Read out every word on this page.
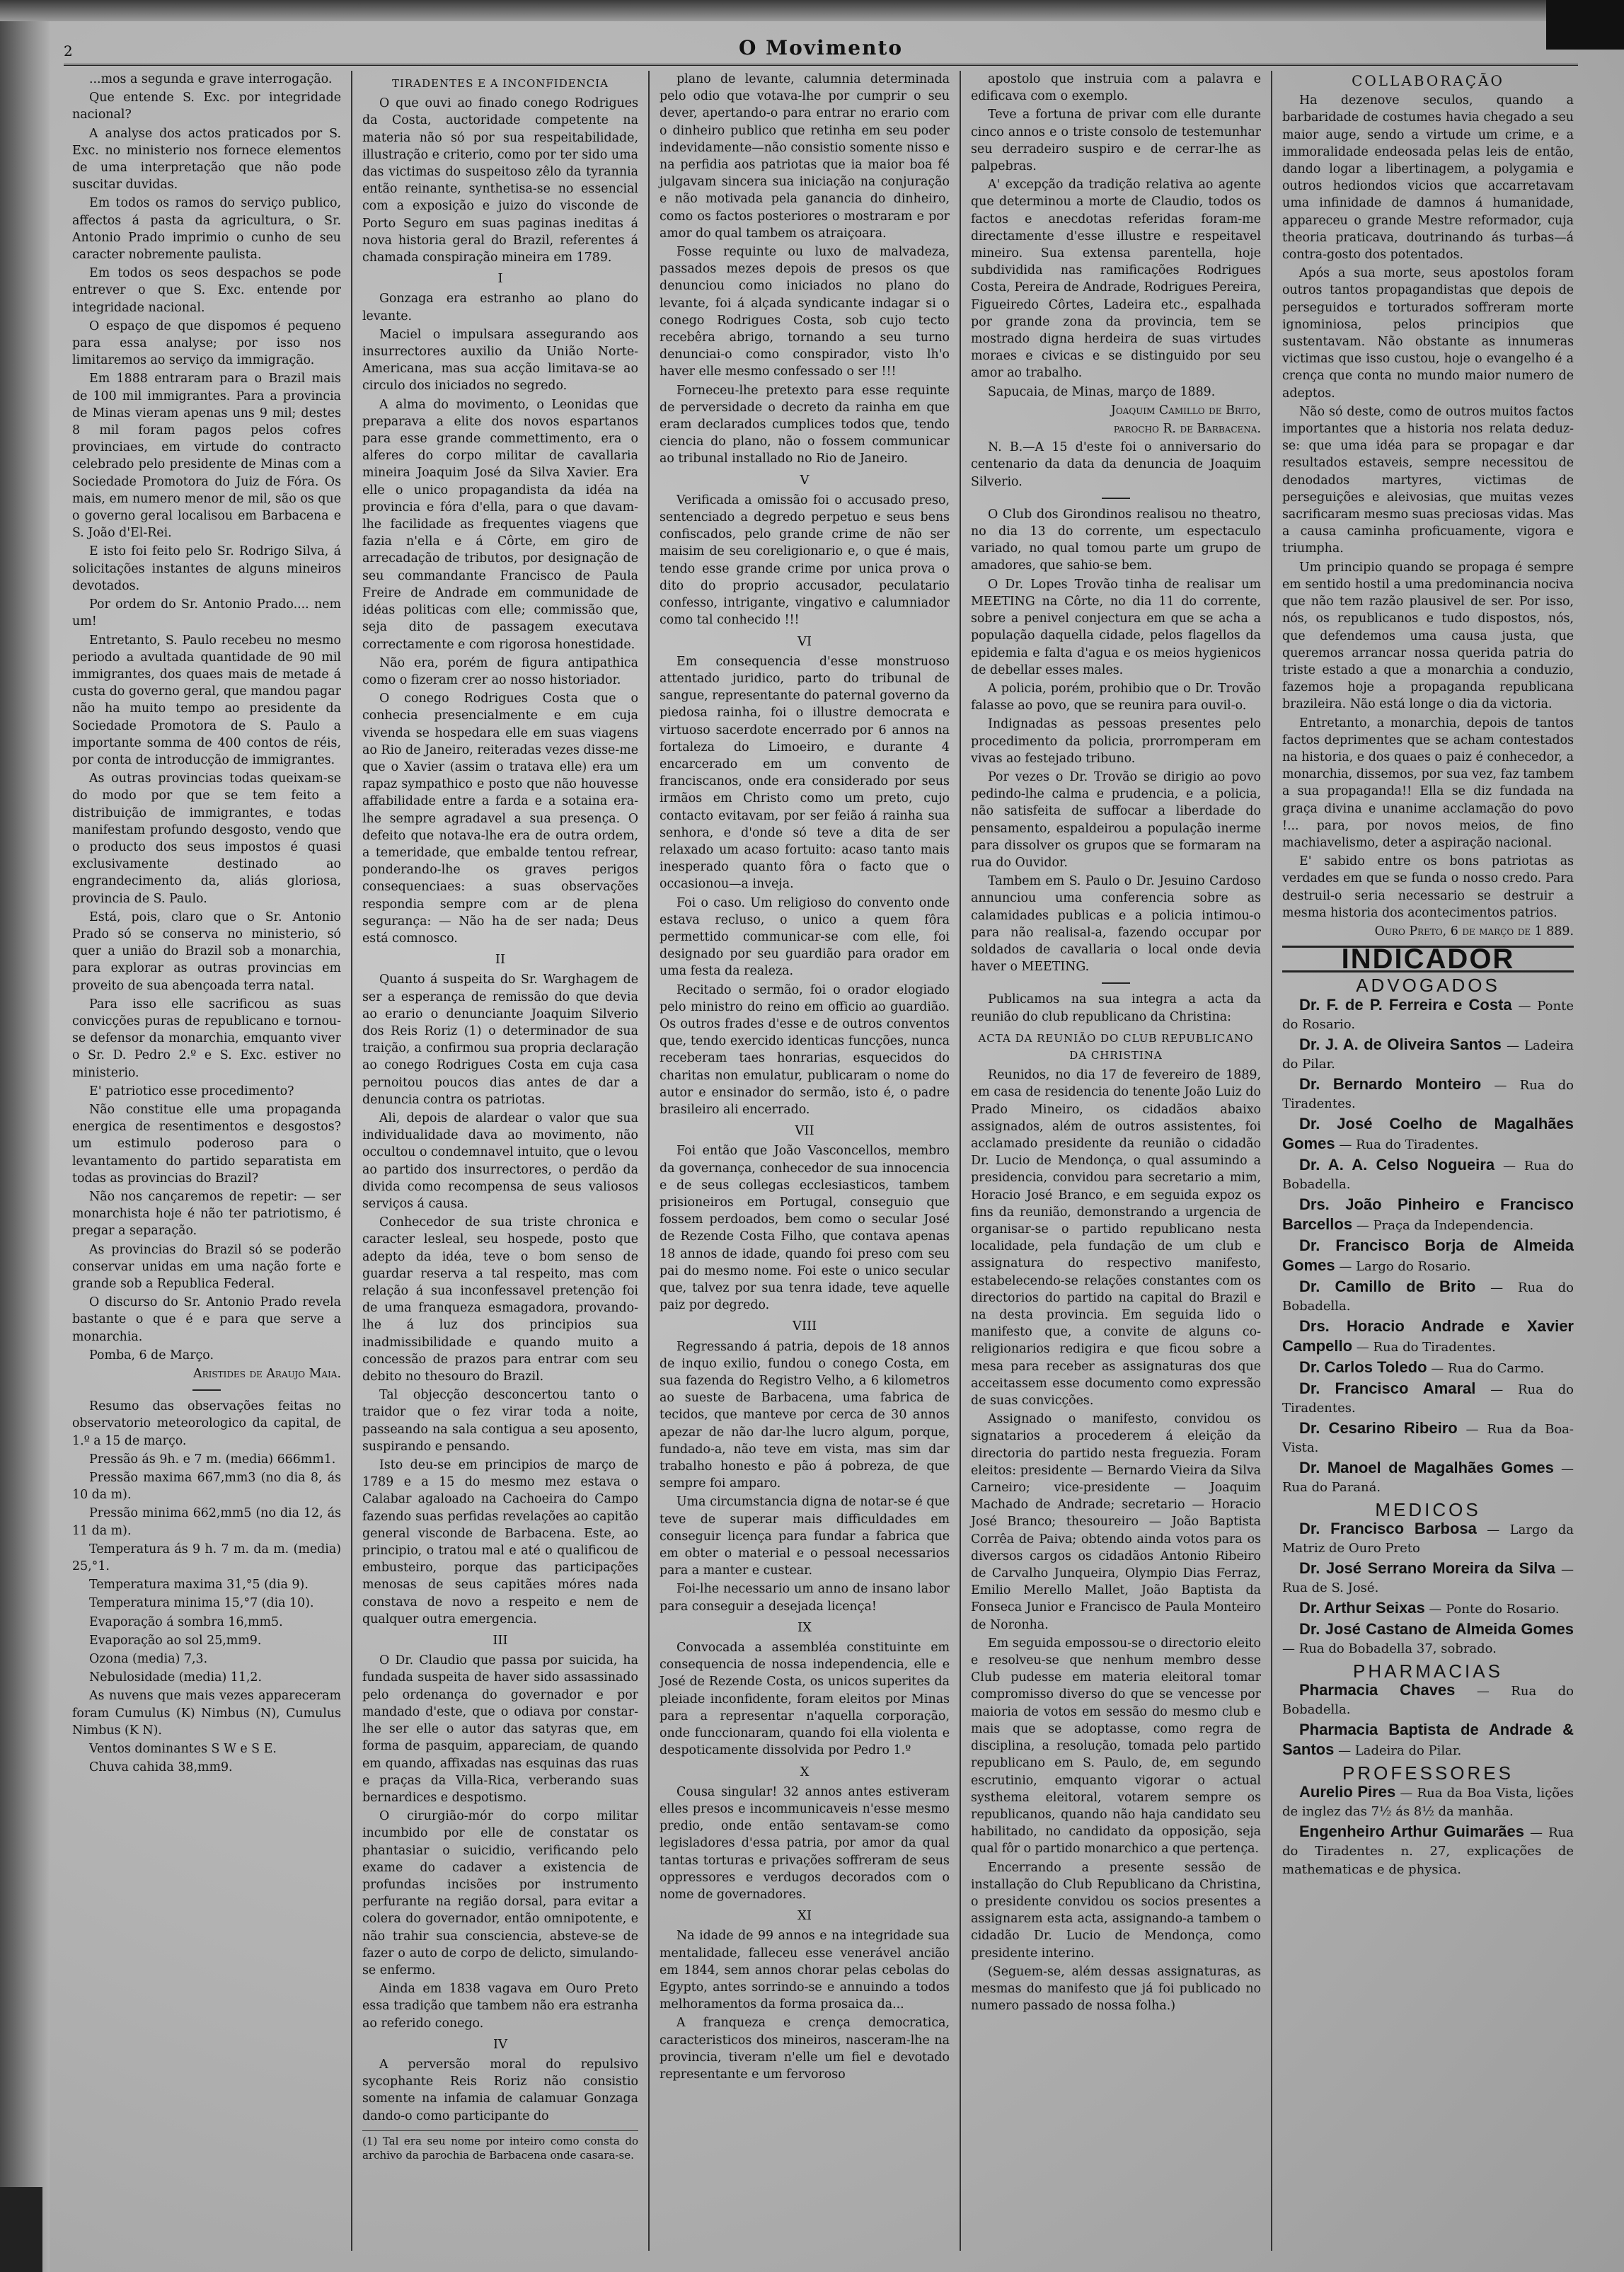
2	O Movimento

...mos a segunda e grave interrogação.

Que entende S. Exc. por integridade nacional?

A analyse dos actos praticados por S. Exc. no ministerio nos fornece elementos de uma interpretação que não pode suscitar duvidas.

Em todos os ramos do serviço publico, affectos á pasta da agricultura, o Sr. Antonio Prado imprimio o cunho de seu caracter nobremente paulista.

Em todos os seos despachos se pode entrever o que S. Exc. entende por integridade nacional.

O espaço de que dispomos é pequeno para essa analyse; por isso nos limitaremos ao serviço da immigração.

Em 1888 entraram para o Brazil mais de 100 mil immigrantes. Para a provincia de Minas vieram apenas uns 9 mil; destes 8 mil foram pagos pelos cofres provinciaes, em virtude do contracto celebrado pelo presidente de Minas com a Sociedade Promotora do Juiz de Fóra. Os mais, em numero menor de mil, são os que o governo geral localisou em Barbacena e S. João d'El-Rei.

E isto foi feito pelo Sr. Rodrigo Silva, á solicitações instantes de alguns mineiros devotados.

Por ordem do Sr. Antonio Prado.... nem um!

Entretanto, S. Paulo recebeu no mesmo periodo a avultada quantidade de 90 mil immigrantes, dos quaes mais de metade á custa do governo geral, que mandou pagar não ha muito tempo ao presidente da Sociedade Promotora de S. Paulo a importante somma de 400 contos de réis, por conta de introducção de immigrantes.

As outras provincias todas queixam-se do modo por que se tem feito a distribuição de immigrantes, e todas manifestam profundo desgosto, vendo que o producto dos seus impostos é quasi exclusivamente destinado ao engrandecimento da, aliás gloriosa, provincia de S. Paulo.

Está, pois, claro que o Sr. Antonio Prado só se conserva no ministerio, só quer a união do Brazil sob a monarchia, para explorar as outras provincias em proveito de sua abençoada terra natal.

Para isso elle sacrificou as suas convicções puras de republicano e tornou-se defensor da monarchia, emquanto viver o Sr. D. Pedro 2.º e S. Exc. estiver no ministerio.

E' patriotico esse procedimento?

Não constitue elle uma propaganda energica de resentimentos e desgostos? um estimulo poderoso para o levantamento do partido separatista em todas as provincias do Brazil?

Não nos cançaremos de repetir: — ser monarchista hoje é não ter patriotismo, é pregar a separação.

As provincias do Brazil só se poderão conservar unidas em uma nação forte e grande sob a Republica Federal.

O discurso do Sr. Antonio Prado revela bastante o que é e para que serve a monarchia.

Pomba, 6 de Março.

Aristides de Araujo Maia.

Resumo das observações feitas no observatorio meteorologico da capital, de 1.º a 15 de março.

Pressão ás 9h. e 7 m. (media) 666mm1.

Pressão maxima 667,mm3 (no dia 8, ás 10 da m).

Pressão minima 662,mm5 (no dia 12, ás 11 da m).

Temperatura ás 9 h. 7 m. da m. (media) 25,°1.

Temperatura maxima 31,°5 (dia 9).

Temperatura minima 15,°7 (dia 10).

Evaporação á sombra 16,mm5.

Evaporação ao sol 25,mm9.

Ozona (media) 7,3.

Nebulosidade (media) 11,2.

As nuvens que mais vezes appareceram foram Cumulus (K) Nimbus (N), Cumulus Nimbus (K N).

Ventos dominantes S W e S E.

Chuva cahida 38,mm9.

TIRADENTES E A INCONFIDENCIA

O que ouvi ao finado conego Rodrigues da Costa, auctoridade competente na materia não só por sua respeitabilidade, illustração e criterio, como por ter sido uma das victimas do suspeitoso zêlo da tyrannia então reinante, synthetisa-se no essencial com a exposição e juizo do visconde de Porto Seguro em suas paginas ineditas á nova historia geral do Brazil, referentes á chamada conspiração mineira em 1789.

I

Gonzaga era estranho ao plano do levante.

Maciel o impulsara assegurando aos insurrectores auxilio da União Norte-Americana, mas sua acção limitava-se ao circulo dos iniciados no segredo.

A alma do movimento, o Leonidas que preparava a elite dos novos espartanos para esse grande commettimento, era o alferes do corpo militar de cavallaria mineira Joaquim José da Silva Xavier. Era elle o unico propagandista da idéa na provincia e fóra d'ella, para o que davam-lhe facilidade as frequentes viagens que fazia n'ella e á Côrte, em giro de arrecadação de tributos, por designação de seu commandante Francisco de Paula Freire de Andrade em communidade de idéas politicas com elle; commissão que, seja dito de passagem executava correctamente e com rigorosa honestidade.

Não era, porém de figura antipathica como o fizeram crer ao nosso historiador.

O conego Rodrigues Costa que o conhecia presencialmente e em cuja vivenda se hospedara elle em suas viagens ao Rio de Janeiro, reiteradas vezes disse-me que o Xavier (assim o tratava elle) era um rapaz sympathico e posto que não houvesse affabilidade entre a farda e a sotaina era-lhe sempre agradavel a sua presença. O defeito que notava-lhe era de outra ordem, a temeridade, que embalde tentou refrear, ponderando-lhe os graves perigos consequenciaes: a suas observações respondia sempre com ar de plena segurança: — Não ha de ser nada; Deus está comnosco.

II

Quanto á suspeita do Sr. Warghagem de ser a esperança de remissão do que devia ao erario o denunciante Joaquim Silverio dos Reis Roriz (1) o determinador de sua traição, a confirmou sua propria declaração ao conego Rodrigues Costa em cuja casa pernoitou poucos dias antes de dar a denuncia contra os patriotas.

Ali, depois de alardear o valor que sua individualidade dava ao movimento, não occultou o condemnavel intuito, que o levou ao partido dos insurrectores, o perdão da divida como recompensa de seus valiosos serviços á causa.

Conhecedor de sua triste chronica e caracter lesleal, seu hospede, posto que adepto da idéa, teve o bom senso de guardar reserva a tal respeito, mas com relação á sua inconfessavel pretenção foi de uma franqueza esmagadora, provando-lhe á luz dos principios sua inadmissibilidade e quando muito a concessão de prazos para entrar com seu debito no thesouro do Brazil.

Tal objecção desconcertou tanto o traidor que o fez virar toda a noite, passeando na sala contigua a seu aposento, suspirando e pensando.

Isto deu-se em principios de março de 1789 e a 15 do mesmo mez estava o Calabar agaloado na Cachoeira do Campo fazendo suas perfidas revelações ao capitão general visconde de Barbacena. Este, ao principio, o tratou mal e até o qualificou de embusteiro, porque das participações menosas de seus capitães móres nada constava de novo a respeito e nem de qualquer outra emergencia.

III

O Dr. Claudio que passa por suicida, ha fundada suspeita de haver sido assassinado pelo ordenança do governador e por mandado d'este, que o odiava por constar-lhe ser elle o autor das satyras que, em forma de pasquim, appareciam, de quando em quando, affixadas nas esquinas das ruas e praças da Villa-Rica, verberando suas bernardices e despotismo.

O cirurgião-mór do corpo militar incumbido por elle de constatar os phantasiar o suicidio, verificando pelo exame do cadaver a existencia de profundas incisões por instrumento perfurante na região dorsal, para evitar a colera do governador, então omnipotente, e não trahir sua consciencia, absteve-se de fazer o auto de corpo de delicto, simulando-se enfermo.

Ainda em 1838 vagava em Ouro Preto essa tradição que tambem não era estranha ao referido conego.

IV

A perversão moral do repulsivo sycophante Reis Roriz não consistio somente na infamia de calamuar Gonzaga dando-o como participante do

(1) Tal era seu nome por inteiro como consta do archivo da parochia de Barbacena onde casara-se.

plano de levante, calumnia determinada pelo odio que votava-lhe por cumprir o seu dever, apertando-o para entrar no erario com o dinheiro publico que retinha em seu poder indevidamente—não consistio somente nisso e na perfidia aos patriotas que ia maior boa fé julgavam sincera sua iniciação na conjuração e não motivada pela ganancia do dinheiro, como os factos posteriores o mostraram e por amor do qual tambem os atraiçoara.

Fosse requinte ou luxo de malvadeza, passados mezes depois de presos os que denunciou como iniciados no plano do levante, foi á alçada syndicante indagar si o conego Rodrigues Costa, sob cujo tecto recebêra abrigo, tornando a seu turno denunciai-o como conspirador, visto lh'o haver elle mesmo confessado o ser !!!

Forneceu-lhe pretexto para esse requinte de perversidade o decreto da rainha em que eram declarados cumplices todos que, tendo ciencia do plano, não o fossem communicar ao tribunal installado no Rio de Janeiro.

V

Verificada a omissão foi o accusado preso, sentenciado a degredo perpetuo e seus bens confiscados, pelo grande crime de não ser maisim de seu coreligionario e, o que é mais, tendo esse grande crime por unica prova o dito do proprio accusador, peculatario confesso, intrigante, vingativo e calumniador como tal conhecido !!!

VI

Em consequencia d'esse monstruoso attentado juridico, parto do tribunal de sangue, representante do paternal governo da piedosa rainha, foi o illustre democrata e virtuoso sacerdote encerrado por 6 annos na fortaleza do Limoeiro, e durante 4 encarcerado em um convento de franciscanos, onde era considerado por seus irmãos em Christo como um preto, cujo contacto evitavam, por ser feião á rainha sua senhora, e d'onde só teve a dita de ser relaxado um acaso fortuito: acaso tanto mais inesperado quanto fôra o facto que o occasionou—a inveja.

Foi o caso. Um religioso do convento onde estava recluso, o unico a quem fôra permettido communicar-se com elle, foi designado por seu guardião para orador em uma festa da realeza.

Recitado o sermão, foi o orador elogiado pelo ministro do reino em officio ao guardião. Os outros frades d'esse e de outros conventos que, tendo exercido identicas funcções, nunca receberam taes honrarias, esquecidos do charitas non emulatur, publicaram o nome do autor e ensinador do sermão, isto é, o padre brasileiro ali encerrado.

VII

Foi então que João Vasconcellos, membro da governança, conhecedor de sua innocencia e de seus collegas ecclesiasticos, tambem prisioneiros em Portugal, conseguio que fossem perdoados, bem como o secular José de Rezende Costa Filho, que contava apenas 18 annos de idade, quando foi preso com seu pai do mesmo nome. Foi este o unico secular que, talvez por sua tenra idade, teve aquelle paiz por degredo.

VIII

Regressando á patria, depois de 18 annos de inquo exilio, fundou o conego Costa, em sua fazenda do Registro Velho, a 6 kilometros ao sueste de Barbacena, uma fabrica de tecidos, que manteve por cerca de 30 annos apezar de não dar-lhe lucro algum, porque, fundado-a, não teve em vista, mas sim dar trabalho honesto e pão á pobreza, de que sempre foi amparo.

Uma circumstancia digna de notar-se é que teve de superar mais difficuldades em conseguir licença para fundar a fabrica que em obter o material e o pessoal necessarios para a manter e custear.

Foi-lhe necessario um anno de insano labor para conseguir a desejada licença!

IX

Convocada a assembléa constituinte em consequencia de nossa independencia, elle e José de Rezende Costa, os unicos superites da pleiade inconfidente, foram eleitos por Minas para a representar n'aquella corporação, onde funccionaram, quando foi ella violenta e despoticamente dissolvida por Pedro 1.º

X

Cousa singular! 32 annos antes estiveram elles presos e incommunicaveis n'esse mesmo predio, onde então sentavam-se como legisladores d'essa patria, por amor da qual tantas torturas e privações soffreram de seus oppressores e verdugos decorados com o nome de governadores.

XI

Na idade de 99 annos e na integridade sua mentalidade, falleceu esse venerável ancião em 1844, sem annos chorar pelas cebolas do Egypto, antes sorrindo-se e annuindo a todos melhoramentos da forma prosaica da...

A franqueza e crença democratica, caracteristicos dos mineiros, nasceram-lhe na provincia, tiveram n'elle um fiel e devotado representante e um fervoroso

apostolo que instruia com a palavra e edificava com o exemplo.

Teve a fortuna de privar com elle durante cinco annos e o triste consolo de testemunhar seu derradeiro suspiro e de cerrar-lhe as palpebras.

A' excepção da tradição relativa ao agente que determinou a morte de Claudio, todos os factos e anecdotas referidas foram-me directamente d'esse illustre e respeitavel mineiro. Sua extensa parentella, hoje subdividida nas ramificações Rodrigues Costa, Pereira de Andrade, Rodrigues Pereira, Figueiredo Côrtes, Ladeira etc., espalhada por grande zona da provincia, tem se mostrado digna herdeira de suas virtudes moraes e civicas e se distinguido por seu amor ao trabalho.

Sapucaia, de Minas, março de 1889.

Joaquim Camillo de Brito,
parocho R. de Barbacena.

N. B.—A 15 d'este foi o anniversario do centenario da data da denuncia de Joaquim Silverio.

O Club dos Girondinos realisou no theatro, no dia 13 do corrente, um espectaculo variado, no qual tomou parte um grupo de amadores, que sahio-se bem.

O Dr. Lopes Trovão tinha de realisar um MEETING na Côrte, no dia 11 do corrente, sobre a penivel conjectura em que se acha a população daquella cidade, pelos flagellos da epidemia e falta d'agua e os meios hygienicos de debellar esses males.

A policia, porém, prohibio que o Dr. Trovão falasse ao povo, que se reunira para ouvil-o.

Indignadas as pessoas presentes pelo procedimento da policia, prorromperam em vivas ao festejado tribuno.

Por vezes o Dr. Trovão se dirigio ao povo pedindo-lhe calma e prudencia, e a policia, não satisfeita de suffocar a liberdade do pensamento, espaldeirou a população inerme para dissolver os grupos que se formaram na rua do Ouvidor.

Tambem em S. Paulo o Dr. Jesuino Cardoso annunciou uma conferencia sobre as calamidades publicas e a policia intimou-o para não realisal-a, fazendo occupar por soldados de cavallaria o local onde devia haver o MEETING.

Publicamos na sua integra a acta da reunião do club republicano da Christina:

ACTA DA REUNIÃO DO CLUB REPUBLICANO DA CHRISTINA

Reunidos, no dia 17 de fevereiro de 1889, em casa de residencia do tenente João Luiz do Prado Mineiro, os cidadãos abaixo assignados, além de outros assistentes, foi acclamado presidente da reunião o cidadão Dr. Lucio de Mendonça, o qual assumindo a presidencia, convidou para secretario a mim, Horacio José Branco, e em seguida expoz os fins da reunião, demonstrando a urgencia de organisar-se o partido republicano nesta localidade, pela fundação de um club e assignatura do respectivo manifesto, estabelecendo-se relações constantes com os directorios do partido na capital do Brazil e na desta provincia. Em seguida lido o manifesto que, a convite de alguns co-religionarios redigira e que ficou sobre a mesa para receber as assignaturas dos que acceitassem esse documento como expressão de suas convicções.

Assignado o manifesto, convidou os signatarios a procederem á eleição da directoria do partido nesta freguezia. Foram eleitos: presidente — Bernardo Vieira da Silva Carneiro; vice-presidente — Joaquim Machado de Andrade; secretario — Horacio José Branco; thesoureiro — João Baptista Corrêa de Paiva; obtendo ainda votos para os diversos cargos os cidadãos Antonio Ribeiro de Carvalho Junqueira, Olympio Dias Ferraz, Emilio Merello Mallet, João Baptista da Fonseca Junior e Francisco de Paula Monteiro de Noronha.

Em seguida empossou-se o directorio eleito e resolveu-se que nenhum membro desse Club pudesse em materia eleitoral tomar compromisso diverso do que se vencesse por maioria de votos em sessão do mesmo club e mais que se adoptasse, como regra de disciplina, a resolução, tomada pelo partido republicano em S. Paulo, de, em segundo escrutinio, emquanto vigorar o actual systhema eleitoral, votarem sempre os republicanos, quando não haja candidato seu habilitado, no candidato da opposição, seja qual fôr o partido monarchico a que pertença.

Encerrando a presente sessão de installação do Club Republicano da Christina, o presidente convidou os socios presentes a assignarem esta acta, assignando-a tambem o cidadão Dr. Lucio de Mendonça, como presidente interino.

(Seguem-se, além dessas assignaturas, as mesmas do manifesto que já foi publicado no numero passado de nossa folha.)

COLLABORAÇÃO

Ha dezenove seculos, quando a barbaridade de costumes havia chegado a seu maior auge, sendo a virtude um crime, e a immoralidade endeosada pelas leis de então, dando logar a libertinagem, a polygamia e outros hediondos vicios que accarretavam uma infinidade de damnos á humanidade, appareceu o grande Mestre reformador, cuja theoria praticava, doutrinando ás turbas—á contra-gosto dos potentados.

Após a sua morte, seus apostolos foram outros tantos propagandistas que depois de perseguidos e torturados soffreram morte ignominiosa, pelos principios que sustentavam. Não obstante as innumeras victimas que isso custou, hoje o evangelho é a crença que conta no mundo maior numero de adeptos.

Não só deste, como de outros muitos factos importantes que a historia nos relata deduz-se: que uma idéa para se propagar e dar resultados estaveis, sempre necessitou de denodados martyres, victimas de perseguições e aleivosias, que muitas vezes sacrificaram mesmo suas preciosas vidas. Mas a causa caminha proficuamente, vigora e triumpha.

Um principio quando se propaga é sempre em sentido hostil a uma predominancia nociva que não tem razão plausivel de ser. Por isso, nós, os republicanos e tudo dispostos, nós, que defendemos uma causa justa, que queremos arrancar nossa querida patria do triste estado a que a monarchia a conduzio, fazemos hoje a propaganda republicana brazileira. Não está longe o dia da victoria.

Entretanto, a monarchia, depois de tantos factos deprimentes que se acham contestados na historia, e dos quaes o paiz é conhecedor, a monarchia, dissemos, por sua vez, faz tambem a sua propaganda!! Ella se diz fundada na graça divina e unanime acclamação do povo !... para, por novos meios, de fino machiavelismo, deter a aspiração nacional.

E' sabido entre os bons patriotas as verdades em que se funda o nosso credo. Para destruil-o seria necessario se destruir a mesma historia dos acontecimentos patrios.

Ouro Preto, 6 de março de 1 889.
INDICADOR
ADVOGADOS

Dr. F. de P. Ferreira e Costa — Ponte do Rosario.

Dr. J. A. de Oliveira Santos — Ladeira do Pilar.

Dr. Bernardo Monteiro — Rua do Tiradentes.

Dr. José Coelho de Magalhães Gomes — Rua do Tiradentes.

Dr. A. A. Celso Nogueira — Rua do Bobadella.

Drs. João Pinheiro e Francisco Barcellos — Praça da Independencia.

Dr. Francisco Borja de Almeida Gomes — Largo do Rosario.

Dr. Camillo de Brito — Rua do Bobadella.

Drs. Horacio Andrade e Xavier Campello — Rua do Tiradentes.

Dr. Carlos Toledo — Rua do Carmo.

Dr. Francisco Amaral — Rua do Tiradentes.

Dr. Cesarino Ribeiro — Rua da Boa-Vista.

Dr. Manoel de Magalhães Gomes — Rua do Paraná.

MEDICOS

Dr. Francisco Barbosa — Largo da Matriz de Ouro Preto

Dr. José Serrano Moreira da Silva — Rua de S. José.

Dr. Arthur Seixas — Ponte do Rosario.

Dr. José Castano de Almeida Gomes — Rua do Bobadella 37, sobrado.

PHARMACIAS

Pharmacia Chaves — Rua do Bobadella.

Pharmacia Baptista de Andrade & Santos — Ladeira do Pilar.

PROFESSORES

Aurelio Pires — Rua da Boa Vista, lições de inglez das 7½ ás 8½ da manhãa.

Engenheiro Arthur Guimarães — Rua do Tiradentes n. 27, explicações de mathematicas e de physica.
